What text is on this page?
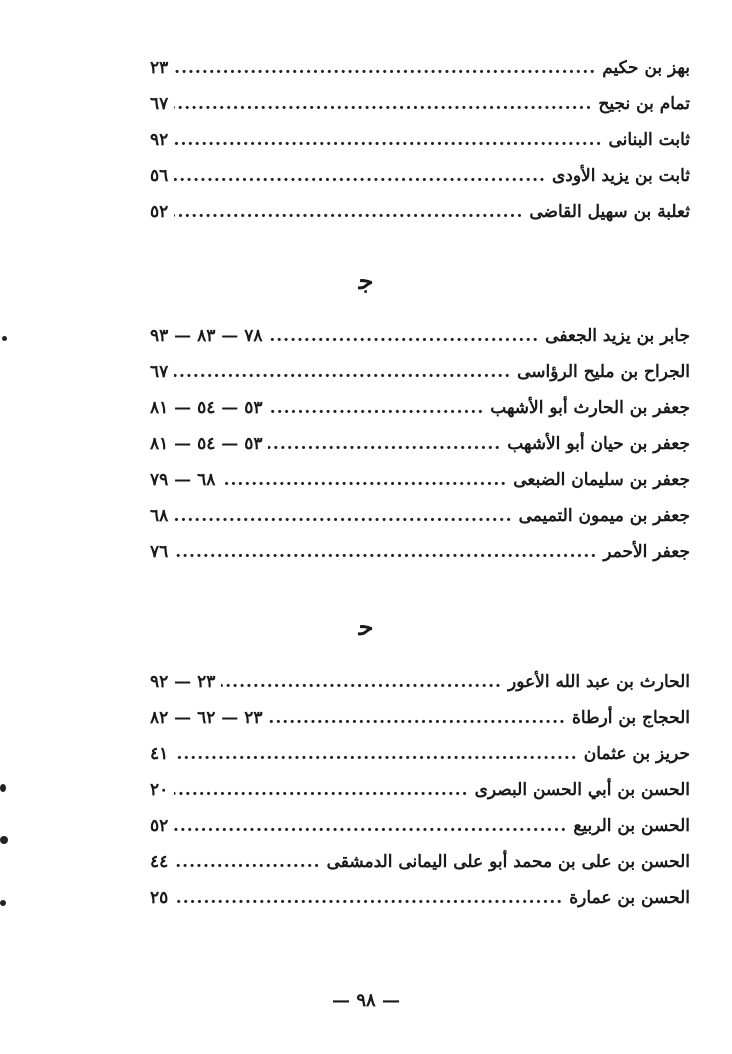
بهز بن حكيم
.....
٢٣
تمام بن نجيح
.....
٦٧
ثابت البنانى
.....
٩٢
ثابت بن يزيد الأودى
.....
٥٦
ثعلبة بن سهيل القاضى
.....
٥٢
ﺟ
جابر بن يزيد الجعفى
.....
٧٨ — ٨٣ — ٩٣
الجراح بن مليح الرؤاسى
.....
٦٧
جعفر بن الحارث أبو الأشهب
.....
٥٣ — ٥٤ — ٨١
جعفر بن حيان أبو الأشهب
.....
٥٣ — ٥٤ — ٨١
جعفر بن سليمان الضبعى
.....
٦٨ — ٧٩
جعفر بن ميمون التميمى
.....
٦٨
جعفر الأحمر
.....
٧٦
ﺣ
الحارث بن عبد الله الأعور
.....
٢٣ — ٩٢
الحجاج بن أرطاة
.....
٢٣ — ٦٢ — ٨٢
حريز بن عثمان
.....
٤١
الحسن بن أبي الحسن البصرى
.....
٢٠
الحسن بن الربيع
.....
٥٢
الحسن بن على بن محمد أبو على اليمانى الدمشقى
.....
٤٤
الحسن بن عمارة
.....
٢٥
— ٩٨ —
